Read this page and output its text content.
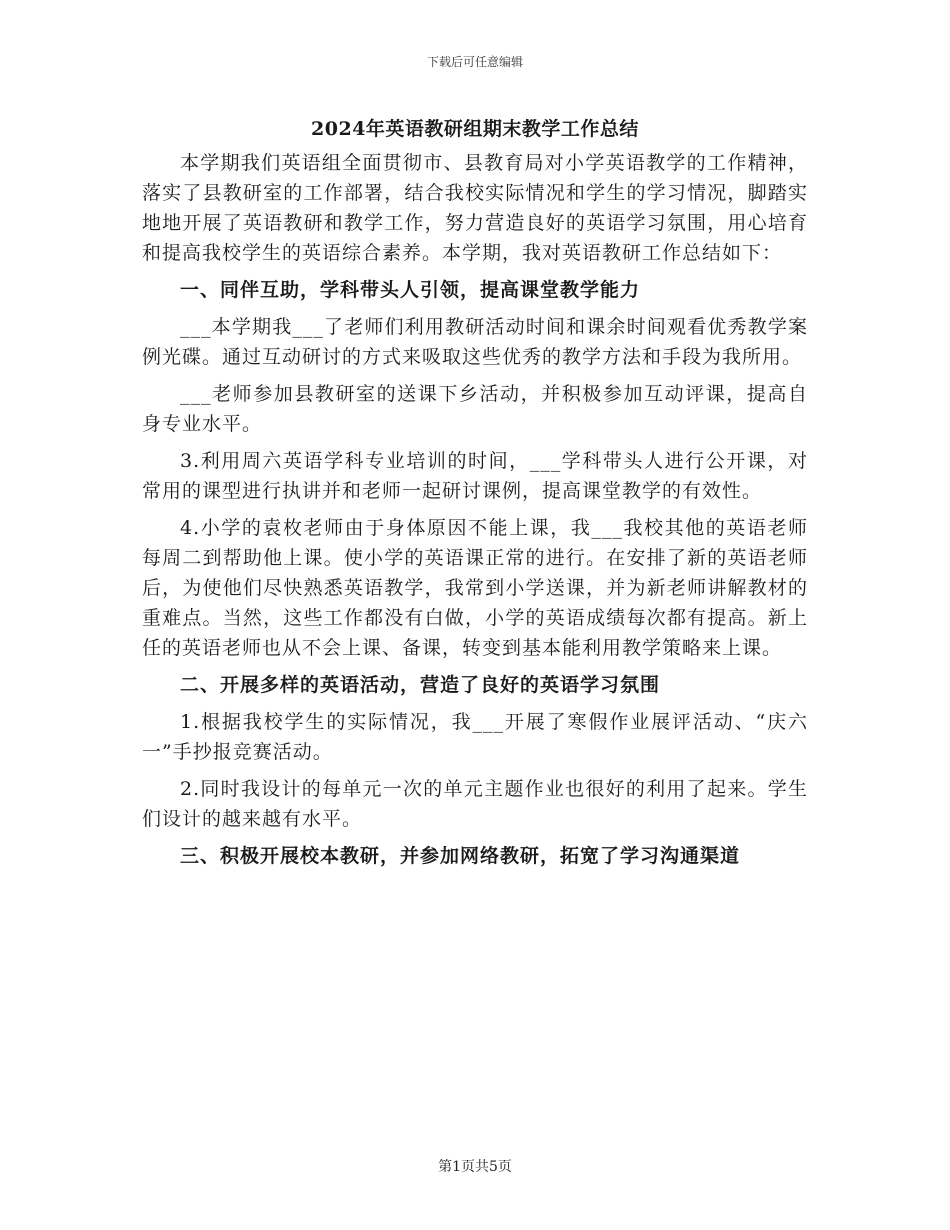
下载后可任意编辑
2024年英语教研组期末教学工作总结

本学期我们英语组全面贯彻市、县教育局对小学英语教学的工作精神，落实了县教研室的工作部署，结合我校实际情况和学生的学习情况，脚踏实地地开展了英语教研和教学工作，努力营造良好的英语学习氛围，用心培育和提高我校学生的英语综合素养。本学期，我对英语教研工作总结如下：

一、同伴互助，学科带头人引领，提高课堂教学能力

___本学期我___了老师们利用教研活动时间和课余时间观看优秀教学案例光碟。通过互动研讨的方式来吸取这些优秀的教学方法和手段为我所用。

___老师参加县教研室的送课下乡活动，并积极参加互动评课，提高自身专业水平。

3.利用周六英语学科专业培训的时间，___学科带头人进行公开课，对常用的课型进行执讲并和老师一起研讨课例，提高课堂教学的有效性。

4.小学的袁枚老师由于身体原因不能上课，我___我校其他的英语老师每周二到帮助他上课。使小学的英语课正常的进行。在安排了新的英语老师后，为使他们尽快熟悉英语教学，我常到小学送课，并为新老师讲解教材的重难点。当然，这些工作都没有白做，小学的英语成绩每次都有提高。新上任的英语老师也从不会上课、备课，转变到基本能利用教学策略来上课。

二、开展多样的英语活动，营造了良好的英语学习氛围

1.根据我校学生的实际情况，我___开展了寒假作业展评活动、“庆六一”手抄报竞赛活动。

2.同时我设计的每单元一次的单元主题作业也很好的利用了起来。学生们设计的越来越有水平。

三、积极开展校本教研，并参加网络教研，拓宽了学习沟通渠道

第1页共5页
